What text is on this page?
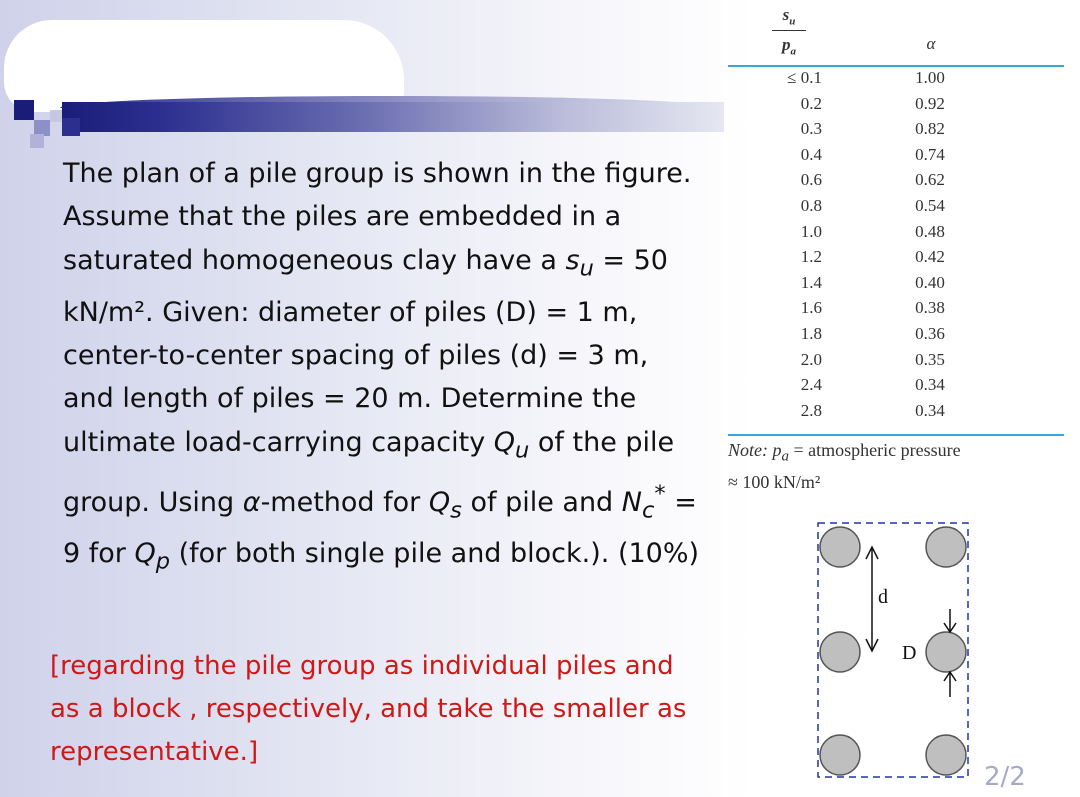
The plan of a pile group is shown in the figure. Assume that the piles are embedded in a saturated homogeneous clay have a $s_u = 50$ kN/m². Given: diameter of piles (D) = 1 m, center-to-center spacing of piles (d) = 3 m, and length of piles = 20 m. Determine the ultimate load-carrying capacity $Q_u$ of the pile group. Using α-method for $Q_s$ of pile and $N_c^* = 9$ for $Q_p$ (for both single pile and block.). (10%)
[regarding the pile group as individual piles and as a block , respectively, and take the smaller as representative.]
$s_u$
$p_a$	α
≤ 0.1	1.00
0.2	0.92
0.3	0.82
0.4	0.74
0.6	0.62
0.8	0.54
1.0	0.48
1.2	0.42
1.4	0.40
1.6	0.38
1.8	0.36
2.0	0.35
2.4	0.34
2.8	0.34
Note: $p_a$ = atmospheric pressure
≈ 100 kN/m²
d
D
2/2
